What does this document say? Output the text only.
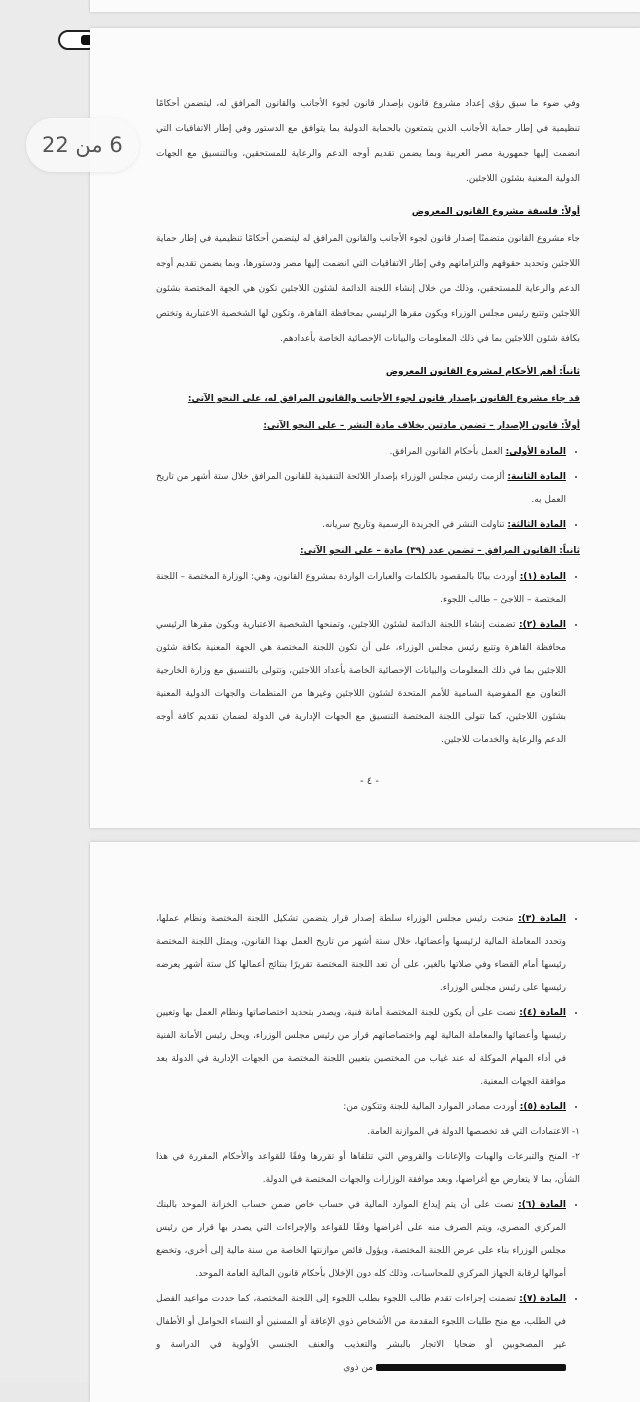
وفي ضوء ما سبق رؤي إعداد مشروع قانون بإصدار قانون لجوء الأجانب والقانون المرافق له، ليتضمن أحكامًا تنظيمية في إطار حماية الأجانب الذين يتمتعون بالحماية الدولية بما يتوافق مع الدستور وفي إطار الاتفاقيات التي انضمت إليها جمهورية مصر العربية وبما يضمن تقديم أوجه الدعم والرعاية للمستحقين، وبالتنسيق مع الجهات الدولية المعنية بشئون اللاجئين.

أولاً: فلسفة مشروع القانون المعروض

جاء مشروع القانون متضمنًا إصدار قانون لجوء الأجانب والقانون المرافق له ليتضمن أحكامًا تنظيمية في إطار حماية اللاجئين وتحديد حقوقهم والتزاماتهم وفي إطار الاتفاقيات التي انضمت إليها مصر ودستورها، وبما يضمن تقديم أوجه الدعم والرعاية للمستحقين، وذلك من خلال إنشاء اللجنة الدائمة لشئون اللاجئين تكون هي الجهة المختصة بشئون اللاجئين وتتبع رئيس مجلس الوزراء ويكون مقرها الرئيسي بمحافظة القاهرة، وتكون لها الشخصية الاعتبارية وتختص بكافة شئون اللاجئين بما في ذلك المعلومات والبيانات الإحصائية الخاصة بأعدادهم.

ثانياً: أهم الأحكام لمشروع القانون المعروض

قد جاء مشروع القانون بإصدار قانون لجوء الأجانب والقانون المرافق له، على النحو الآتي:

أولاً: قانون الإصدار – تضمن مادتين بخلاف مادة النشر – على النحو الآتي:

• المادة الأولى: العمل بأحكام القانون المرافق.
• المادة الثانية: ألزمت رئيس مجلس الوزراء بإصدار اللائحة التنفيذية للقانون المرافق خلال ستة أشهر من تاريخ العمل به.
• المادة الثالثة: تناولت النشر في الجريدة الرسمية وتاريخ سريانه.

ثانياً: القانون المرافق – تضمن عدد (٣٩) مادة – على النحو الآتي:

• المادة (١): أوردت بيانًا بالمقصود بالكلمات والعبارات الواردة بمشروع القانون، وهي: الوزارة المختصة – اللجنة المختصة – اللاجئ – طالب اللجوء.
• المادة (٢): تضمنت إنشاء اللجنة الدائمة لشئون اللاجئين، وتمنحها الشخصية الاعتبارية ويكون مقرها الرئيسي محافظة القاهرة وتتبع رئيس مجلس الوزراء، على أن تكون اللجنة المختصة هي الجهة المعنية بكافة شئون اللاجئين بما في ذلك المعلومات والبيانات الإحصائية الخاصة بأعداد اللاجئين، وتتولى بالتنسيق مع وزارة الخارجية التعاون مع المفوضية السامية للأمم المتحدة لشئون اللاجئين وغيرها من المنظمات والجهات الدولية المعنية بشئون اللاجئين، كما تتولى اللجنة المختصة التنسيق مع الجهات الإدارية في الدولة لضمان تقديم كافة أوجه الدعم والرعاية والخدمات للاجئين.
- ٤ -
• المادة (٣): منحت رئيس مجلس الوزراء سلطة إصدار قرار يتضمن تشكيل اللجنة المختصة ونظام عملها، وتحدد المعاملة المالية لرئيسها وأعضائها، خلال ستة أشهر من تاريخ العمل بهذا القانون، ويمثل اللجنة المختصة رئيسها أمام القضاء وفي صلاتها بالغير، على أن تعد اللجنة المختصة تقريرًا بنتائج أعمالها كل ستة أشهر يعرضه رئيسها على رئيس مجلس الوزراء.
• المادة (٤): نصت على أن يكون للجنة المختصة أمانة فنية، ويصدر بتحديد اختصاصاتها ونظام العمل بها وتعيين رئيسها وأعضائها والمعاملة المالية لهم واختصاصاتهم قرار من رئيس مجلس الوزراء، ويحل رئيس الأمانة الفنية في أداء المهام الموكلة له عند غياب من المختصين بتعيين اللجنة المختصة من الجهات الإدارية في الدولة بعد موافقة الجهات المعنية.
• المادة (٥): أوردت مصادر الموارد المالية للجنة وتتكون من:

١- الاعتمادات التي قد تخصصها الدولة في الموازنة العامة.

٢- المنح والتبرعات والهبات والإعانات والقروض التي تتلقاها أو تقررها وفقًا للقواعد والأحكام المقررة في هذا الشأن، بما لا يتعارض مع أغراضها، وبعد موافقة الوزارات والجهات المختصة في الدولة.

• المادة (٦): نصت على أن يتم إيداع الموارد المالية في حساب خاص ضمن حساب الخزانة الموحد بالبنك المركزي المصري، ويتم الصرف منه على أغراضها وفقًا للقواعد والإجراءات التي يصدر بها قرار من رئيس مجلس الوزراء بناء على عرض اللجنة المختصة، ويؤول فائض موازنتها الخاصة من سنة مالية إلى أخرى، وتخضع أموالها لرقابة الجهاز المركزي للمحاسبات، وذلك كله دون الإخلال بأحكام قانون المالية العامة الموحد.
• المادة (٧): تضمنت إجراءات تقدم طالب اللجوء بطلب اللجوء إلى اللجنة المختصة، كما حددت مواعيد الفصل في الطلب، مع منح طلبات اللجوء المقدمة من الأشخاص ذوي الإعاقة أو المسنين أو النساء الحوامل أو الأطفال غير المصحوبين أو ضحايا الاتجار بالبشر والتعذيب والعنف الجنسي الأولوية في الدراسة و من ذوي
6 من 22
